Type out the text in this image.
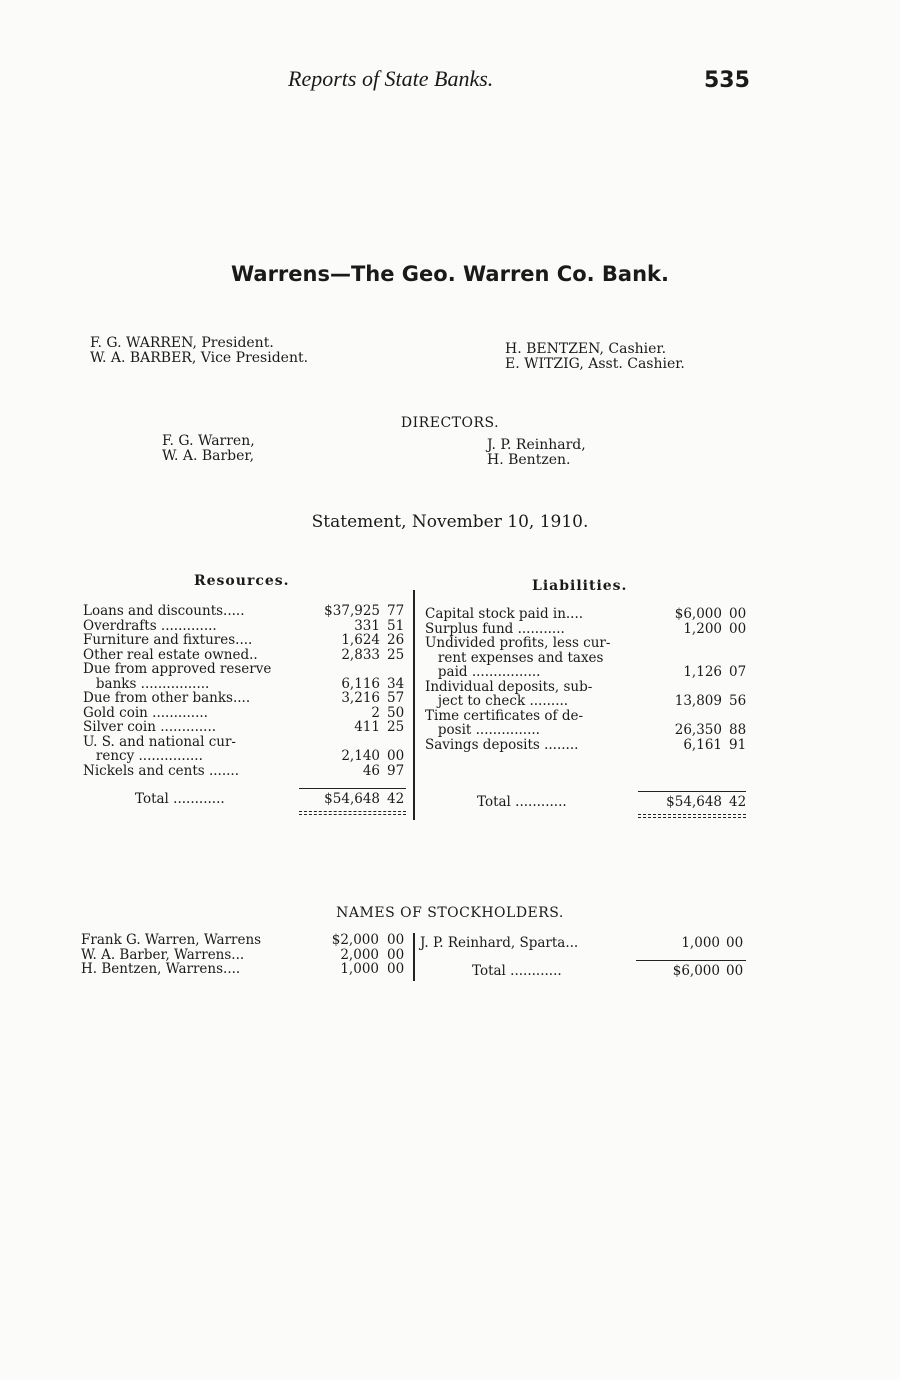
Reports of State Banks.	535
Warrens—The Geo. Warren Co. Bank.
F. G. WARREN, President.
W. A. BARBER, Vice President.
H. BENTZEN, Cashier.
E. WITZIG, Asst. Cashier.
DIRECTORS.
F. G. Warren,
W. A. Barber,
J. P. Reinhard,
H. Bentzen.
Statement, November 10, 1910.
Resources.	Liabilities.
Loans and discounts.....	$37,925 77
Overdrafts .............	331 51
Furniture and fixtures....	1,624 26
Other real estate owned..	2,833 25
Due from approved reserve
banks ................	6,116 34
Due from other banks....	3,216 57
Gold coin .............	2 50
Silver coin .............	411 25
U. S. and national cur-
rency ...............	2,140 00
Nickels and cents .......	46 97
Total ............	$54,648 42
Capital stock paid in....	$6,000 00
Surplus fund ...........	1,200 00
Undivided profits, less cur-
rent expenses and taxes
paid ................	1,126 07
Individual deposits, sub-
ject to check .........	13,809 56
Time certificates of de-
posit ...............	26,350 88
Savings deposits ........	6,161 91
Total ............	$54,648 42
NAMES OF STOCKHOLDERS.
Frank G. Warren, Warrens	$2,000 00
W. A. Barber, Warrens...	2,000 00
H. Bentzen, Warrens....	1,000 00
J. P. Reinhard, Sparta...	1,000 00
Total ............	$6,000 00
